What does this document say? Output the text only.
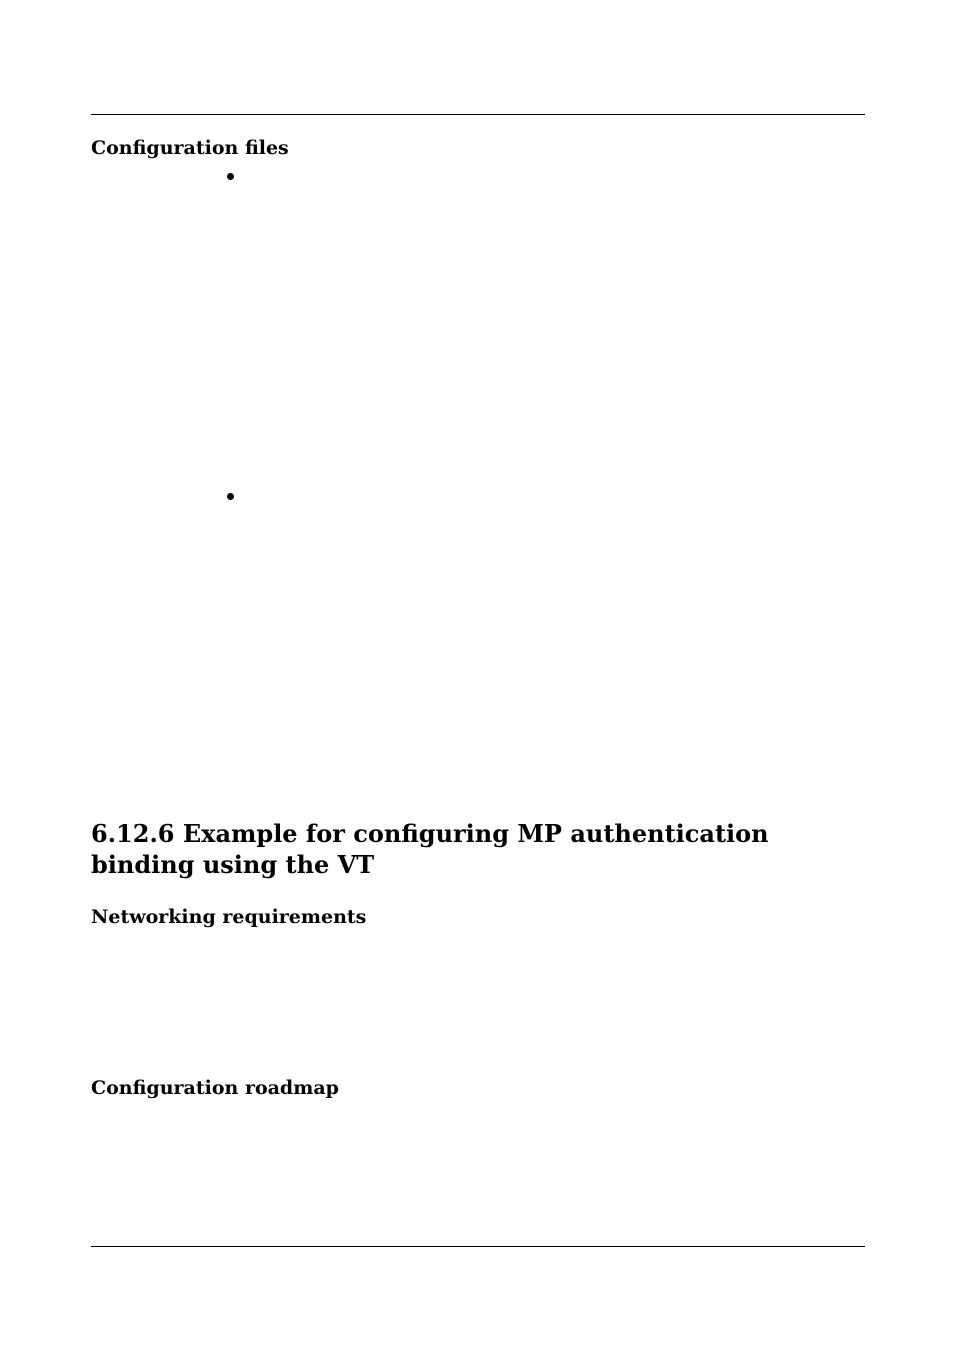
Configuration files
6.12.6 Example for configuring MP authentication binding using the VT
Networking requirements
Configuration roadmap
